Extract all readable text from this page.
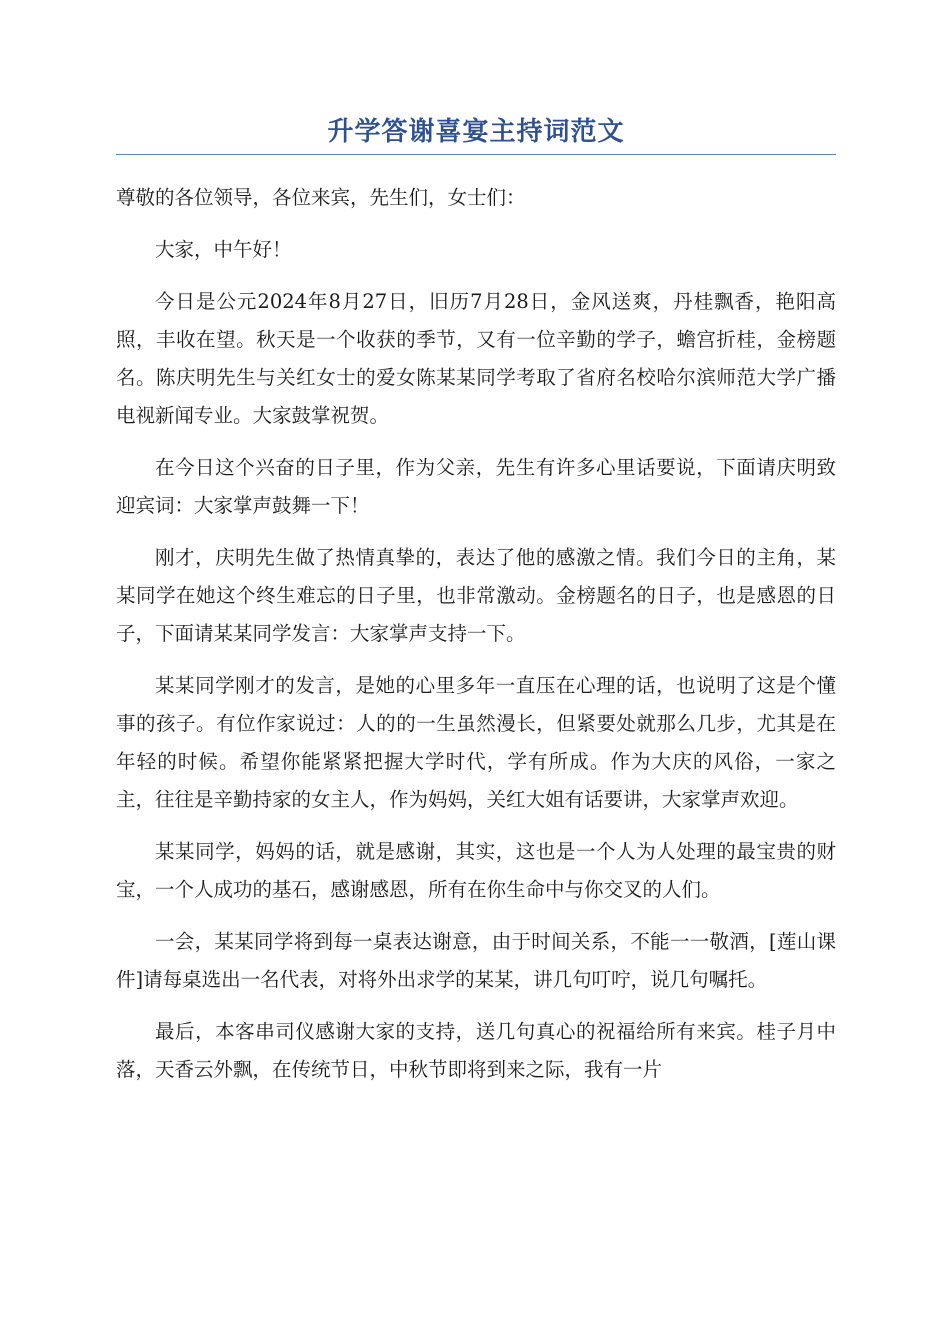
升学答谢喜宴主持词范文

尊敬的各位领导，各位来宾，先生们，女士们：

大家，中午好！

今日是公元2024年8月27日，旧历7月28日，金风送爽，丹桂飘香，艳阳高照，丰收在望。秋天是一个收获的季节，又有一位辛勤的学子，蟾宫折桂，金榜题名。陈庆明先生与关红女士的爱女陈某某同学考取了省府名校哈尔滨师范大学广播电视新闻专业。大家鼓掌祝贺。

在今日这个兴奋的日子里，作为父亲，先生有许多心里话要说，下面请庆明致迎宾词：大家掌声鼓舞一下！

刚才，庆明先生做了热情真挚的，表达了他的感激之情。我们今日的主角，某某同学在她这个终生难忘的日子里，也非常激动。金榜题名的日子，也是感恩的日子，下面请某某同学发言：大家掌声支持一下。

某某同学刚才的发言，是她的心里多年一直压在心理的话，也说明了这是个懂事的孩子。有位作家说过：人的的一生虽然漫长，但紧要处就那么几步，尤其是在年轻的时候。希望你能紧紧把握大学时代，学有所成。作为大庆的风俗，一家之主，往往是辛勤持家的女主人，作为妈妈，关红大姐有话要讲，大家掌声欢迎。

某某同学，妈妈的话，就是感谢，其实，这也是一个人为人处理的最宝贵的财宝，一个人成功的基石，感谢感恩，所有在你生命中与你交叉的人们。

一会，某某同学将到每一桌表达谢意，由于时间关系，不能一一敬酒，[莲山课件]请每桌选出一名代表，对将外出求学的某某，讲几句叮咛，说几句嘱托。

最后，本客串司仪感谢大家的支持，送几句真心的祝福给所有来宾。桂子月中落，天香云外飘，在传统节日，中秋节即将到来之际，我有一片
